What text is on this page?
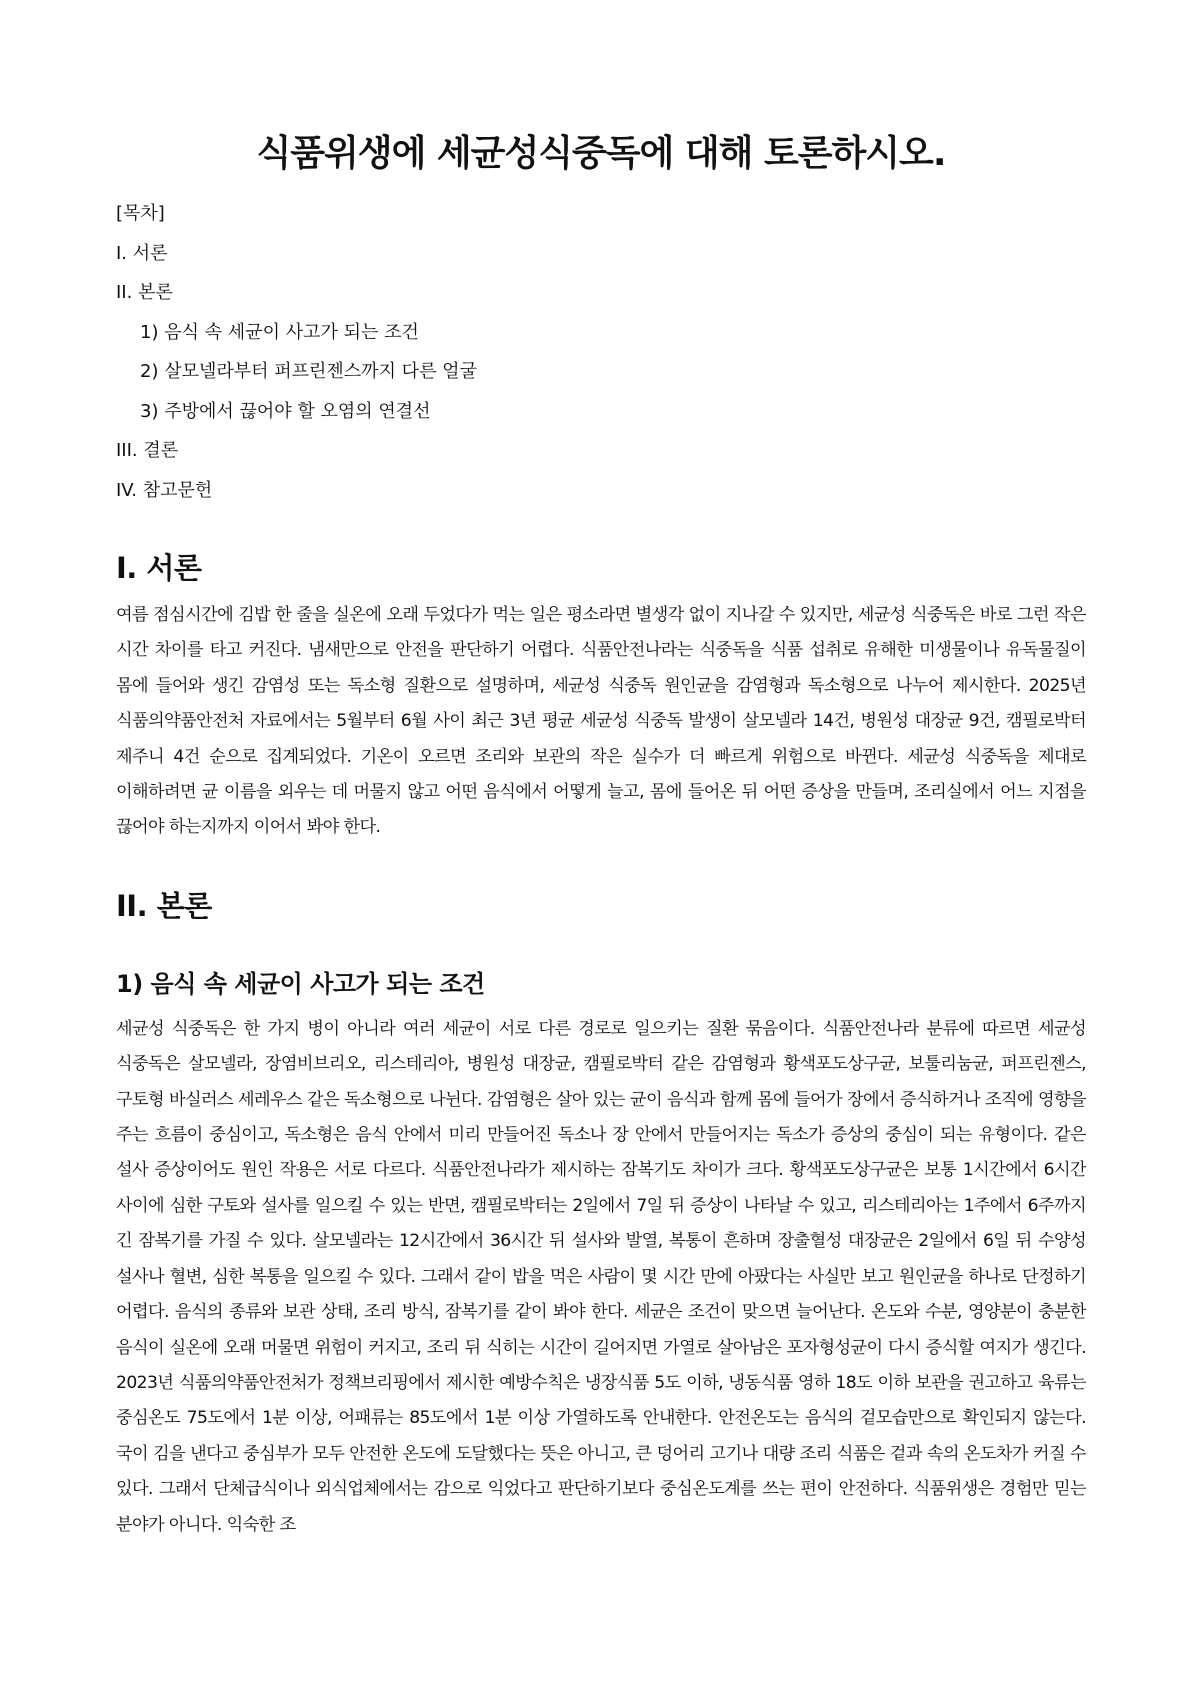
식품위생에 세균성식중독에 대해 토론하시오.
[목차]
I. 서론
II. 본론
1) 음식 속 세균이 사고가 되는 조건
2) 살모넬라부터 퍼프린젠스까지 다른 얼굴
3) 주방에서 끊어야 할 오염의 연결선
III. 결론
IV. 참고문헌
I. 서론

여름 점심시간에 김밥 한 줄을 실온에 오래 두었다가 먹는 일은 평소라면 별생각 없이 지나갈 수 있지만, 세균성 식중독은 바로 그런 작은 시간 차이를 타고 커진다. 냄새만으로 안전을 판단하기 어렵다. 식품안전나라는 식중독을 식품 섭취로 유해한 미생물이나 유독물질이 몸에 들어와 생긴 감염성 또는 독소형 질환으로 설명하며, 세균성 식중독 원인균을 감염형과 독소형으로 나누어 제시한다. 2025년 식품의약품안전처 자료에서는 5월부터 6월 사이 최근 3년 평균 세균성 식중독 발생이 살모넬라 14건, 병원성 대장균 9건, 캠필로박터 제주니 4건 순으로 집계되었다. 기온이 오르면 조리와 보관의 작은 실수가 더 빠르게 위험으로 바뀐다. 세균성 식중독을 제대로 이해하려면 균 이름을 외우는 데 머물지 않고 어떤 음식에서 어떻게 늘고, 몸에 들어온 뒤 어떤 증상을 만들며, 조리실에서 어느 지점을 끊어야 하는지까지 이어서 봐야 한다.

II. 본론
1) 음식 속 세균이 사고가 되는 조건

세균성 식중독은 한 가지 병이 아니라 여러 세균이 서로 다른 경로로 일으키는 질환 묶음이다. 식품안전나라 분류에 따르면 세균성 식중독은 살모넬라, 장염비브리오, 리스테리아, 병원성 대장균, 캠필로박터 같은 감염형과 황색포도상구균, 보툴리눔균, 퍼프린젠스, 구토형 바실러스 세레우스 같은 독소형으로 나뉜다. 감염형은 살아 있는 균이 음식과 함께 몸에 들어가 장에서 증식하거나 조직에 영향을 주는 흐름이 중심이고, 독소형은 음식 안에서 미리 만들어진 독소나 장 안에서 만들어지는 독소가 증상의 중심이 되는 유형이다. 같은 설사 증상이어도 원인 작용은 서로 다르다. 식품안전나라가 제시하는 잠복기도 차이가 크다. 황색포도상구균은 보통 1시간에서 6시간 사이에 심한 구토와 설사를 일으킬 수 있는 반면, 캠필로박터는 2일에서 7일 뒤 증상이 나타날 수 있고, 리스테리아는 1주에서 6주까지 긴 잠복기를 가질 수 있다. 살모넬라는 12시간에서 36시간 뒤 설사와 발열, 복통이 흔하며 장출혈성 대장균은 2일에서 6일 뒤 수양성 설사나 혈변, 심한 복통을 일으킬 수 있다. 그래서 같이 밥을 먹은 사람이 몇 시간 만에 아팠다는 사실만 보고 원인균을 하나로 단정하기 어렵다. 음식의 종류와 보관 상태, 조리 방식, 잠복기를 같이 봐야 한다. 세균은 조건이 맞으면 늘어난다. 온도와 수분, 영양분이 충분한 음식이 실온에 오래 머물면 위험이 커지고, 조리 뒤 식히는 시간이 길어지면 가열로 살아남은 포자형성균이 다시 증식할 여지가 생긴다. 2023년 식품의약품안전처가 정책브리핑에서 제시한 예방수칙은 냉장식품 5도 이하, 냉동식품 영하 18도 이하 보관을 권고하고 육류는 중심온도 75도에서 1분 이상, 어패류는 85도에서 1분 이상 가열하도록 안내한다. 안전온도는 음식의 겉모습만으로 확인되지 않는다. 국이 김을 낸다고 중심부가 모두 안전한 온도에 도달했다는 뜻은 아니고, 큰 덩어리 고기나 대량 조리 식품은 겉과 속의 온도차가 커질 수 있다. 그래서 단체급식이나 외식업체에서는 감으로 익었다고 판단하기보다 중심온도계를 쓰는 편이 안전하다. 식품위생은 경험만 믿는 분야가 아니다. 익숙한 조
